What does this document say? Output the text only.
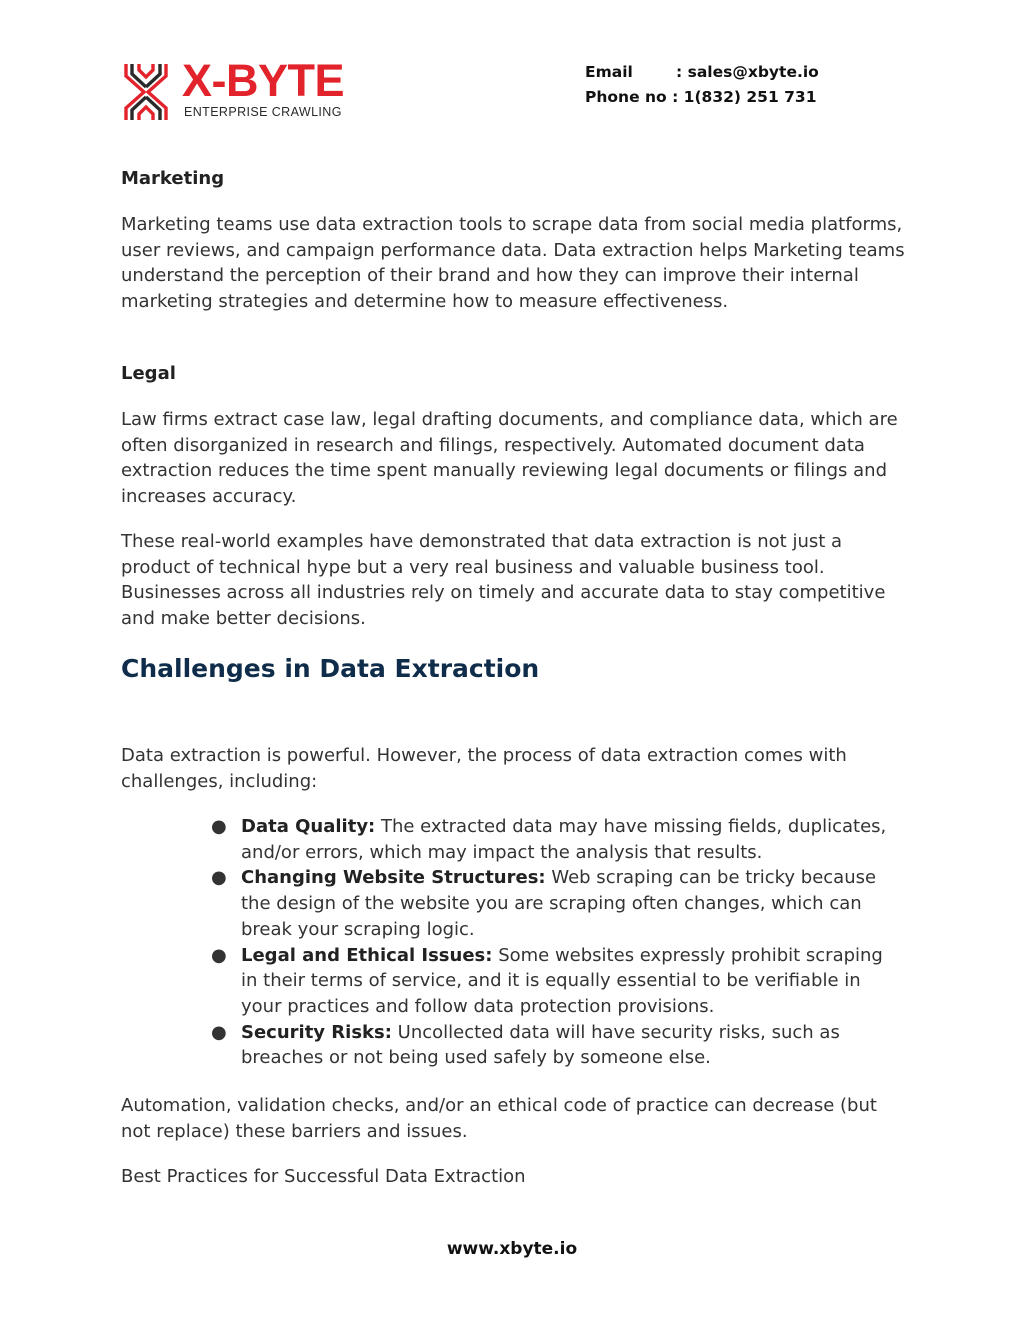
X-BYTE
ENTERPRISE CRAWLING
Email	: sales@xbyte.io
Phone no : 1(832) 251 731

Marketing

Marketing teams use data extraction tools to scrape data from social media platforms, user reviews, and campaign performance data. Data extraction helps Marketing teams understand the perception of their brand and how they can improve their internal marketing strategies and determine how to measure effectiveness.

Legal

Law firms extract case law, legal drafting documents, and compliance data, which are often disorganized in research and filings, respectively. Automated document data extraction reduces the time spent manually reviewing legal documents or filings and increases accuracy.

These real-world examples have demonstrated that data extraction is not just a product of technical hype but a very real business and valuable business tool. Businesses across all industries rely on timely and accurate data to stay competitive and make better decisions.

Challenges in Data Extraction

Data extraction is powerful. However, the process of data extraction comes with challenges, including:

● Data Quality: The extracted data may have missing fields, duplicates, and/or errors, which may impact the analysis that results.
● Changing Website Structures: Web scraping can be tricky because the design of the website you are scraping often changes, which can break your scraping logic.
● Legal and Ethical Issues: Some websites expressly prohibit scraping in their terms of service, and it is equally essential to be verifiable in your practices and follow data protection provisions.
● Security Risks: Uncollected data will have security risks, such as breaches or not being used safely by someone else.

Automation, validation checks, and/or an ethical code of practice can decrease (but not replace) these barriers and issues.

Best Practices for Successful Data Extraction

www.xbyte.io
